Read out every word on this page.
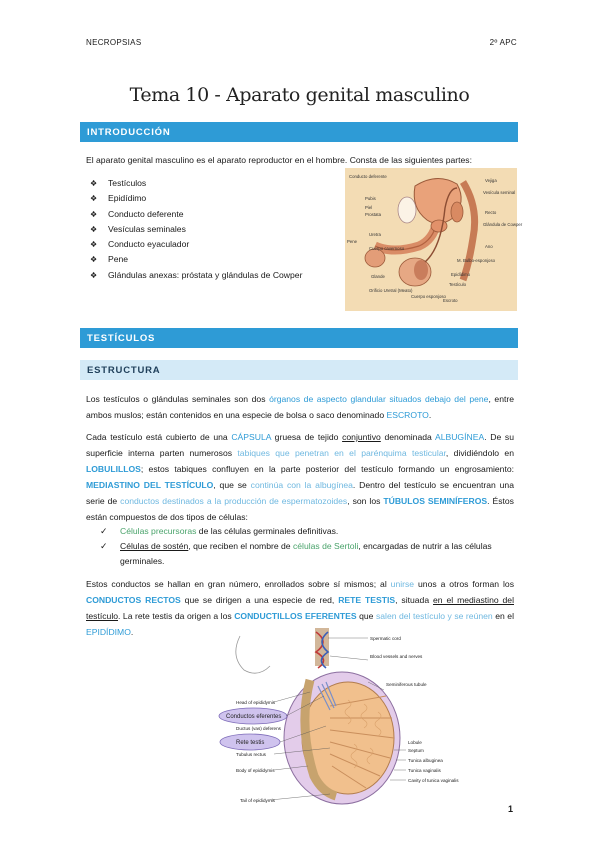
NECROPSIAS	2º APC
Tema 10 - Aparato genital masculino
INTRODUCCIÓN
El aparato genital masculino es el aparato reproductor en el hombre. Consta de las siguientes partes:
❖ Testículos
❖ Epidídimo
❖ Conducto deferente
❖ Vesículas seminales
❖ Conducto eyaculador
❖ Pene
❖ Glándulas anexas: próstata y glándulas de Cowper
Conducto deferente
Pubis
Piel
Prostata
Uretra
Pene
Cuerpo cavernoso
Glande
Orificio Uretral (Meato)
Cuerpo esponjoso
Escroto
Vejiga
Vesícula seminal
Recto
Glándula de Cowper
Ano
M. Bulbo-esponjoso
Epidídimo
Testículo
TESTÍCULOS
ESTRUCTURA
Los testículos o glándulas seminales son dos órganos de aspecto glandular situados debajo del pene, entre ambos muslos; están contenidos en una especie de bolsa o saco denominado ESCROTO.
Cada testículo está cubierto de una CÁPSULA gruesa de tejido conjuntivo denominada ALBUGÍNEA. De su superficie interna parten numerosos tabiques que penetran en el parénquima testicular, dividiéndolo en LOBULILLOS; estos tabiques confluyen en la parte posterior del testículo formando un engrosamiento: MEDIASTINO DEL TESTÍCULO, que se continúa con la albugínea. Dentro del testículo se encuentran una serie de conductos destinados a la producción de espermatozoides, son los TÚBULOS SEMINÍFEROS. Éstos están compuestos de dos tipos de células:
✓ Células precursoras de las células germinales definitivas.
✓ Células de sostén, que reciben el nombre de células de Sertoli, encargadas de nutrir a las células germinales.
Estos conductos se hallan en gran número, enrollados sobre sí mismos; al unirse unos a otros forman los CONDUCTOS RECTOS que se dirigen a una especie de red, RETE TESTIS, situada en el mediastino del testículo. La rete testis da origen a los CONDUCTILLOS EFERENTES que salen del testículo y se reúnen en el EPIDÍDIMO.
Spermatic cord
Blood vessels and nerves
Seminiferous tubule
Head of epididymis
Conductos eferentes
Ductus (vas) deferens
Rete testis
Tubulus rectus
Body of epididymis
Lobule
Septum
Tunica albuginea
Tunica vaginalis
Cavity of tunica vaginalis
Tail of epididymis
1
